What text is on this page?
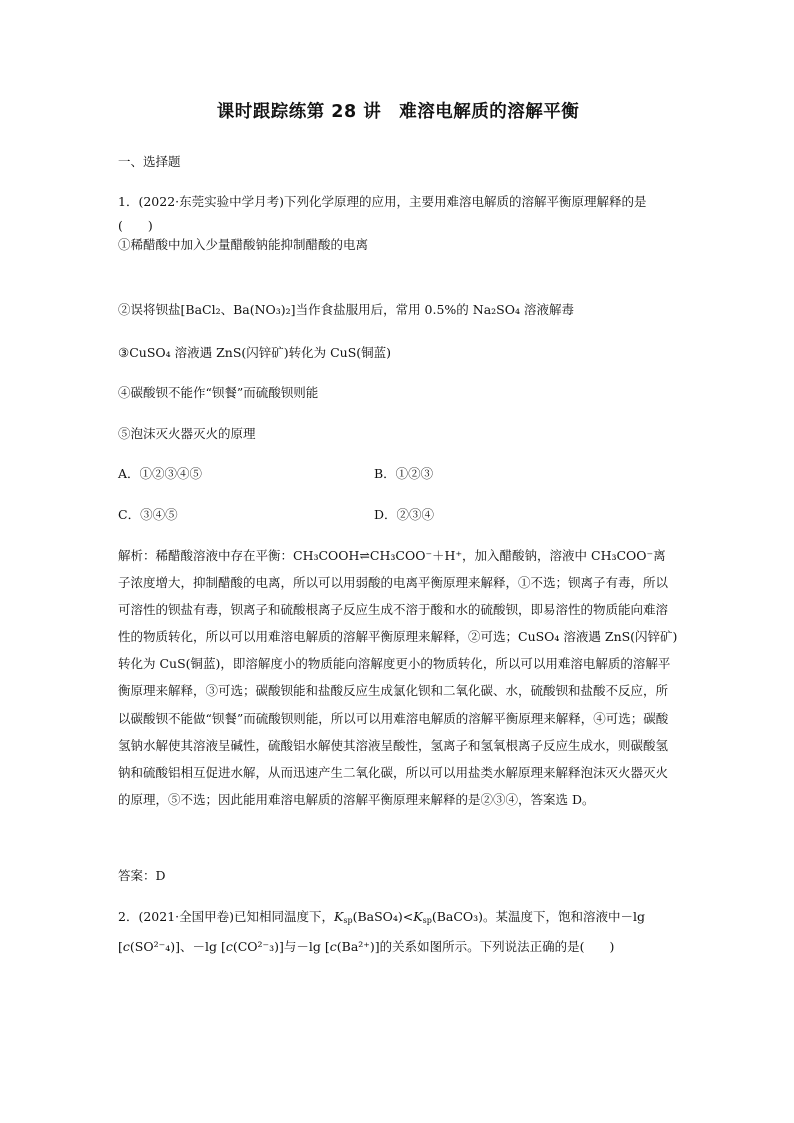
课时跟踪练第 28 讲 难溶电解质的溶解平衡
一、选择题
1．(2022·东莞实验中学月考)下列化学原理的应用，主要用难溶电解质的溶解平衡原理解释的是(　　)
①稀醋酸中加入少量醋酸钠能抑制醋酸的电离
②误将钡盐[BaCl₂、Ba(NO₃)₂]当作食盐服用后，常用 0.5%的 Na₂SO₄ 溶液解毒
③CuSO₄ 溶液遇 ZnS(闪锌矿)转化为 CuS(铜蓝)
④碳酸钡不能作“钡餐”而硫酸钡则能
⑤泡沫灭火器灭火的原理
A．①②③④⑤	B．①②③
C．③④⑤	D．②③④
解析：稀醋酸溶液中存在平衡：CH₃COOH⇌CH₃COO⁻＋H⁺，加入醋酸钠，溶液中 CH₃COO⁻离子浓度增大，抑制醋酸的电离，所以可以用弱酸的电离平衡原理来解释，①不选；钡离子有毒，所以可溶性的钡盐有毒，钡离子和硫酸根离子反应生成不溶于酸和水的硫酸钡，即易溶性的物质能向难溶性的物质转化，所以可以用难溶电解质的溶解平衡原理来解释，②可选；CuSO₄ 溶液遇 ZnS(闪锌矿)转化为 CuS(铜蓝)，即溶解度小的物质能向溶解度更小的物质转化，所以可以用难溶电解质的溶解平衡原理来解释，③可选；碳酸钡能和盐酸反应生成氯化钡和二氧化碳、水，硫酸钡和盐酸不反应，所以碳酸钡不能做“钡餐”而硫酸钡则能，所以可以用难溶电解质的溶解平衡原理来解释，④可选；碳酸氢钠水解使其溶液呈碱性，硫酸铝水解使其溶液呈酸性，氢离子和氢氧根离子反应生成水，则碳酸氢钠和硫酸铝相互促进水解，从而迅速产生二氧化碳，所以可以用盐类水解原理来解释泡沫灭火器灭火的原理，⑤不选；因此能用难溶电解质的溶解平衡原理来解释的是②③④，答案选 D。
答案：D
2．(2021·全国甲卷)已知相同温度下，$K_{sp}(BaSO_4)<K_{sp}(BaCO_3)$。某温度下，饱和溶液中－lg [c(SO²⁻₄)]、－lg [c(CO²⁻₃)]与－lg [c(Ba²⁺)]的关系如图所示。下列说法正确的是(　　)
